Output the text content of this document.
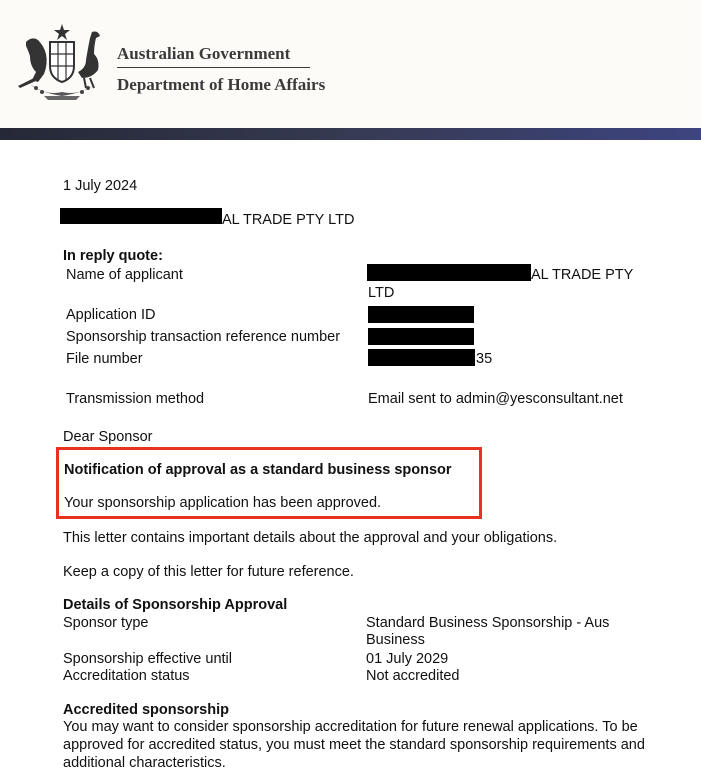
Australian Government
Department of Home Affairs
1 July 2024
AL TRADE PTY LTD
In reply quote:
Name of applicant	AL TRADE PTY
LTD
Application ID
Sponsorship transaction reference number
File number	35
Transmission method	Email sent to admin@yesconsultant.net
Dear Sponsor
Notification of approval as a standard business sponsor
Your sponsorship application has been approved.
This letter contains important details about the approval and your obligations.
Keep a copy of this letter for future reference.
Details of Sponsorship Approval
Sponsor type	Standard Business Sponsorship - Aus
Business
Sponsorship effective until	01 July 2029
Accreditation status	Not accredited
Accredited sponsorship
You may want to consider sponsorship accreditation for future renewal applications. To be approved for accredited status, you must meet the standard sponsorship requirements and additional characteristics.
